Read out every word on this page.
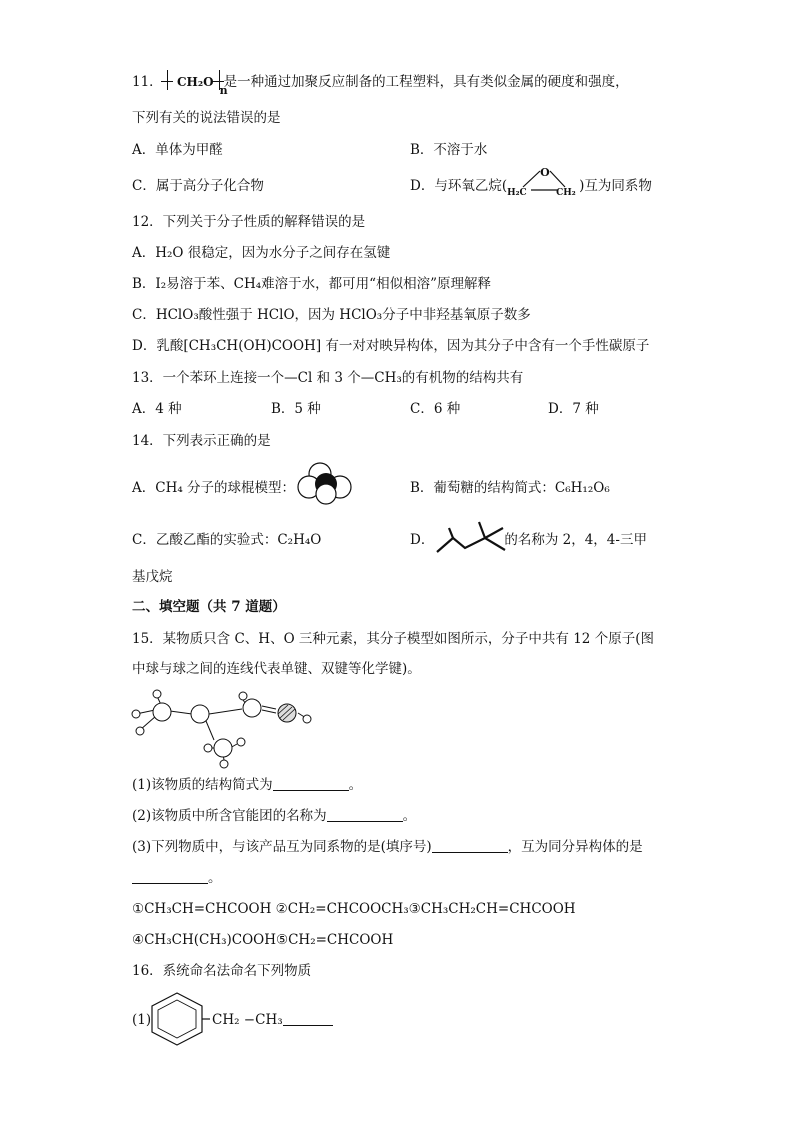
11． CH₂O
n
是一种通过加聚反应制备的工程塑料，具有类似金属的硬度和强度，
下列有关的说法错误的是
A．单体为甲醛	B．不溶于水
C．属于高分子化合物	D．与环氧乙烷(
O
H₂C	CH₂ )互为同系物
12．下列关于分子性质的解释错误的是
A．H₂O 很稳定，因为水分子之间存在氢键
B．I₂易溶于苯、CH₄难溶于水，都可用“相似相溶”原理解释
C．HClO₃酸性强于 HClO，因为 HClO₃分子中非羟基氧原子数多
D．乳酸[CH₃CH(OH)COOH] 有一对对映异构体，因为其分子中含有一个手性碳原子
13．一个苯环上连接一个—Cl 和 3 个—CH₃的有机物的结构共有
A．4 种	B．5 种	C．6 种	D．7 种
14．下列表示正确的是
A．CH₄ 分子的球棍模型：	B．葡萄糖的结构简式：C₆H₁₂O₆
C．乙酸乙酯的实验式：C₂H₄O	D．	的名称为 2，4，4-三甲
基戊烷
二、填空题（共 7 道题）
15．某物质只含 C、H、O 三种元素，其分子模型如图所示，分子中共有 12 个原子(图
中球与球之间的连线代表单键、双键等化学键)。
(1)该物质的结构简式为	。
(2)该物质中所含官能团的名称为	。
(3)下列物质中，与该产品互为同系物的是(填序号)	，互为同分异构体的是
。
①CH₃CH=CHCOOH ②CH₂=CHCOOCH₃③CH₃CH₂CH=CHCOOH
④CH₃CH(CH₃)COOH⑤CH₂=CHCOOH
16．系统命名法命名下列物质
(1)	CH₂ −CH₃
